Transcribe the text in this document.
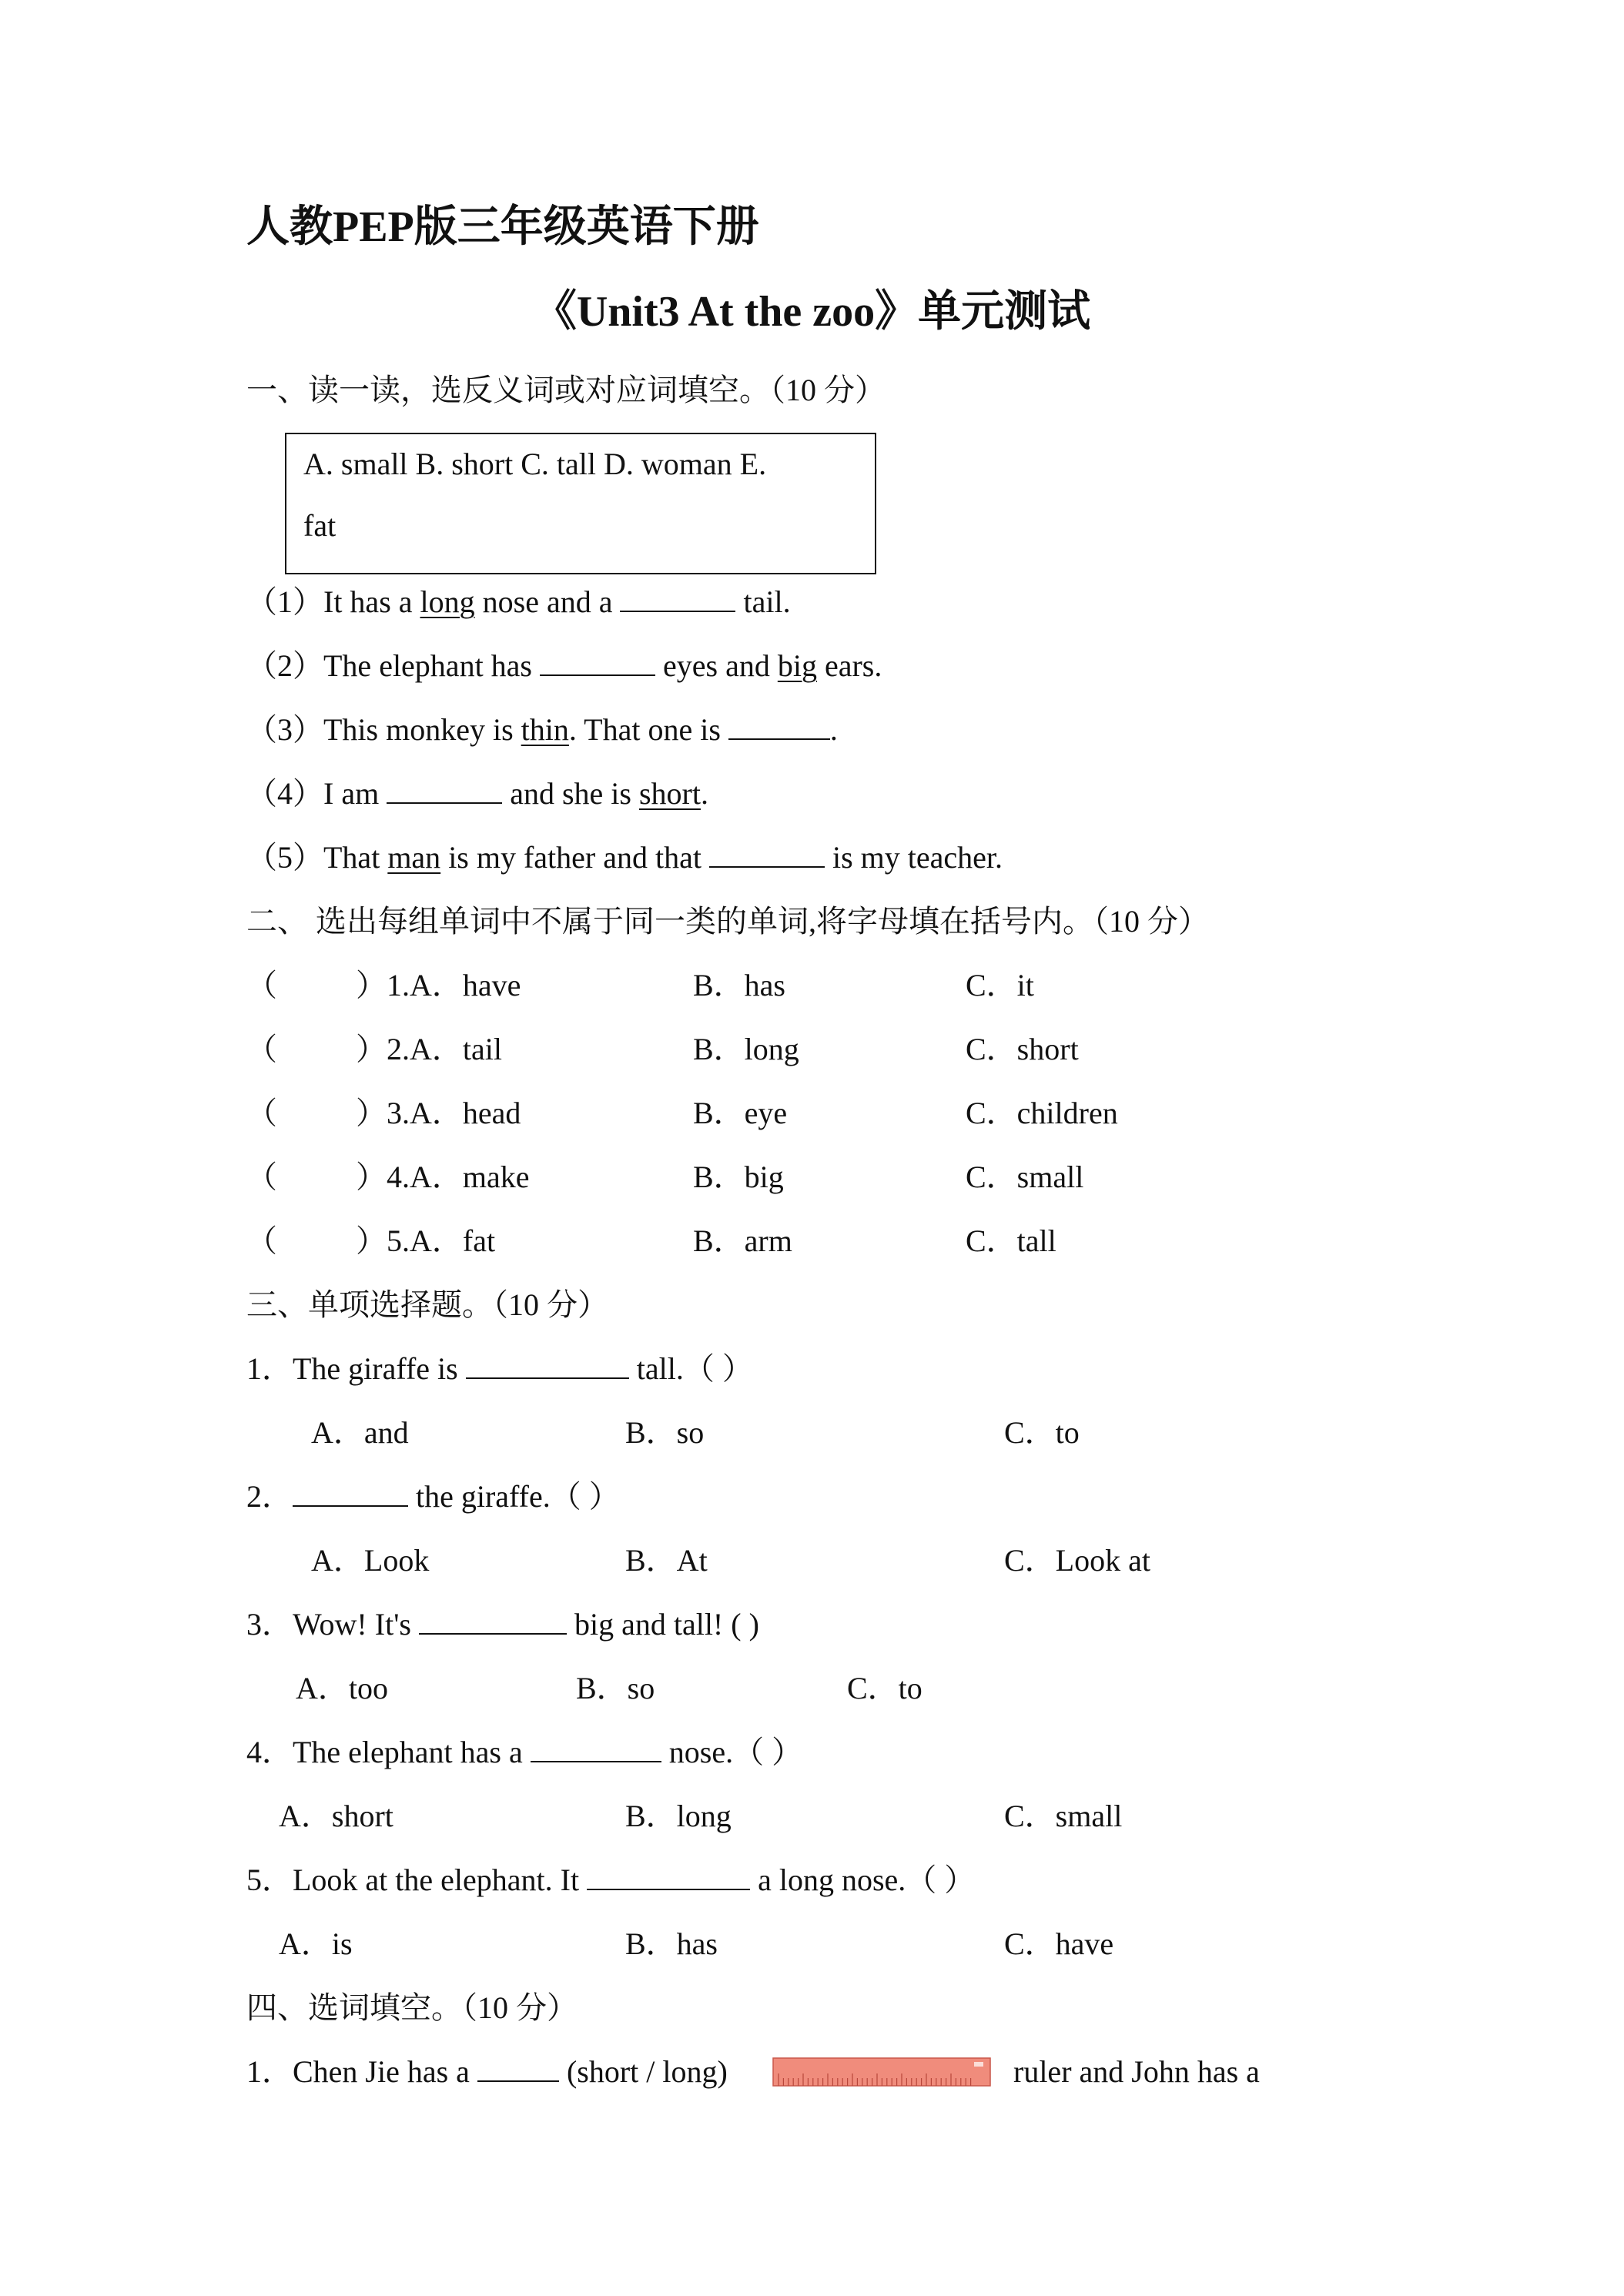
人教PEP版三年级英语下册
《Unit3 At the zoo》单元测试
一、读一读，选反义词或对应词填空。（10 分）
A. small B. short C. tall D. woman E.
fat
（1）It has a long nose and a	tail.
（2）The elephant has	eyes and big ears.
（3）This monkey is thin. That one is	.
（4）I am	and she is short.
（5）That man is my father and that	is my teacher.
二、 选出每组单词中不属于同一类的单词,将字母填在括号内。（10 分）
（	）1.A．have	B．has	C．it
（	）2.A．tail	B．long	C．short
（	）3.A．head	B．eye	C．children
（	）4.A．make	B．big	C．small
（	）5.A．fat	B．arm	C．tall
三、单项选择题。（10 分）
1．The giraffe is	tall.（ ）
A．and	B．so	C．to
2．	the giraffe.（ ）
A．Look	B．At	C．Look at
3．Wow! It's	big and tall! ( )
A．too	B．so	C．to
4．The elephant has a	nose.（ ）
A．short	B．long	C．small
5．Look at the elephant. It	a long nose.（ ）
A．is	B．has	C．have
四、选词填空。（10 分）
1．Chen Jie has a	(short / long)	ruler and John has a
